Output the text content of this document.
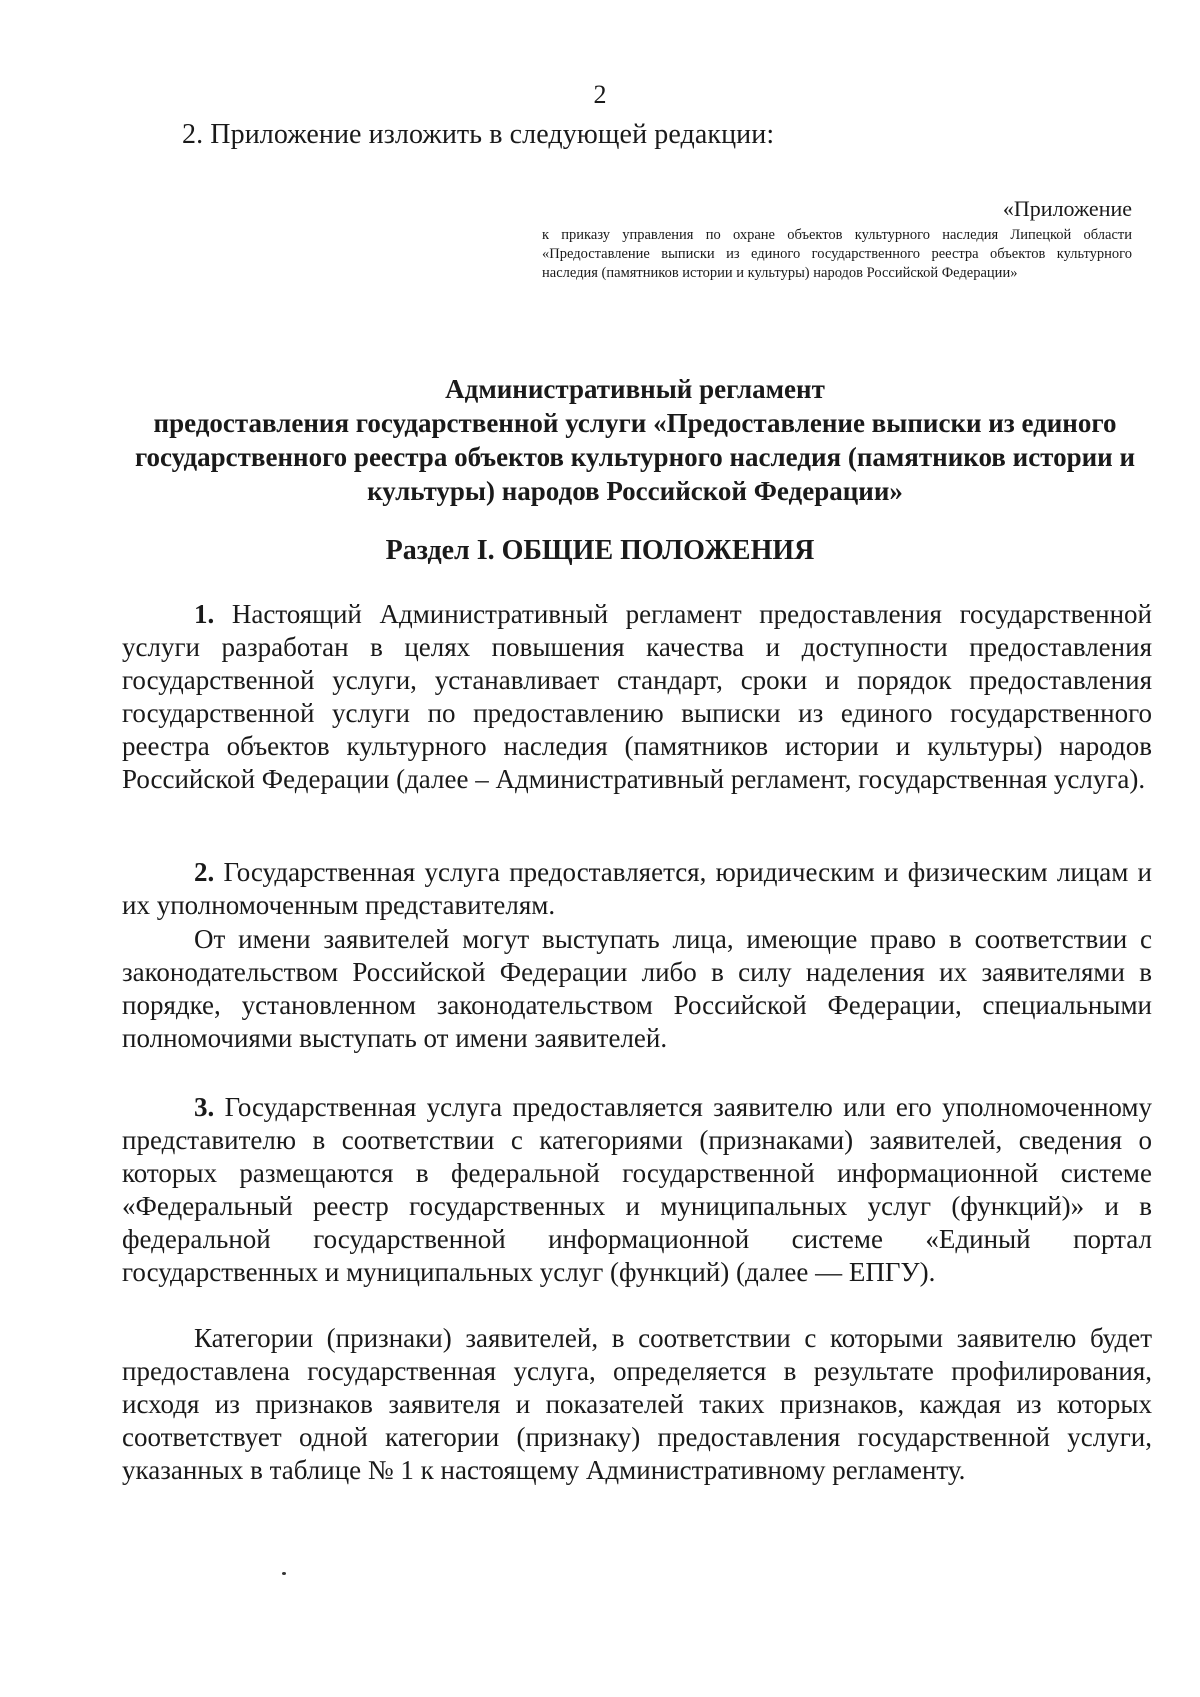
2
2. Приложение изложить в следующей редакции:
«Приложение
к приказу управления по охране объектов культурного наследия Липецкой области «Предоставление выписки из единого государственного реестра объектов культурного наследия (памятников истории и культуры) народов Российской Федерации»
Административный регламент
предоставления государственной услуги «Предоставление выписки из единого государственного реестра объектов культурного наследия (памятников истории и культуры) народов Российской Федерации»
Раздел I. ОБЩИЕ ПОЛОЖЕНИЯ
1. Настоящий Административный регламент предоставления государственной услуги разработан в целях повышения качества и доступности предоставления государственной услуги, устанавливает стандарт, сроки и порядок предоставления государственной услуги по предоставлению выписки из единого государственного реестра объектов культурного наследия (памятников истории и культуры) народов Российской Федерации (далее – Административный регламент, государственная услуга).
2. Государственная услуга предоставляется, юридическим и физическим лицам и их уполномоченным представителям.
От имени заявителей могут выступать лица, имеющие право в соответствии с законодательством Российской Федерации либо в силу наделения их заявителями в порядке, установленном законодательством Российской Федерации, специальными полномочиями выступать от имени заявителей.
3. Государственная услуга предоставляется заявителю или его уполномоченному представителю в соответствии с категориями (признаками) заявителей, сведения о которых размещаются в федеральной государственной информационной системе «Федеральный реестр государственных и муниципальных услуг (функций)» и в федеральной государственной информационной системе «Единый портал государственных и муниципальных услуг (функций) (далее — ЕПГУ).
Категории (признаки) заявителей, в соответствии с которыми заявителю будет предоставлена государственная услуга, определяется в результате профилирования, исходя из признаков заявителя и показателей таких признаков, каждая из которых соответствует одной категории (признаку) предоставления государственной услуги, указанных в таблице № 1 к настоящему Административному регламенту.
